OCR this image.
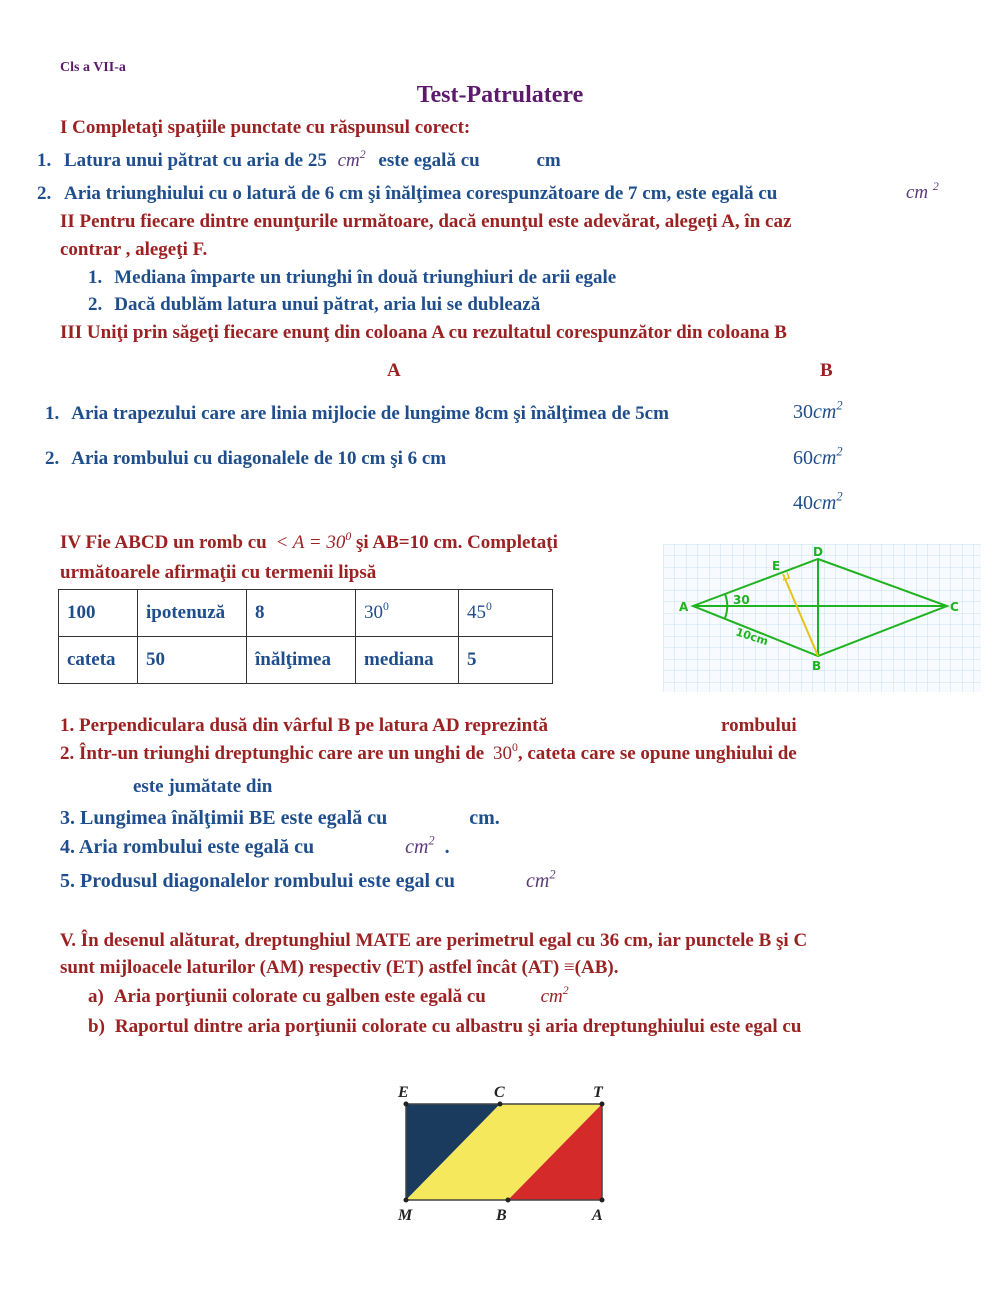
Cls a VII-a
Test-Patrulatere
I Completaţi spaţiile punctate cu răspunsul corect:
1. Latura unui pătrat cu aria de 25 $cm^2$ este egală cu	cm
2. Aria triunghiului cu o latură de 6 cm şi înălţimea corespunzătoare de 7 cm, este egală cu	cm $^2$
II Pentru fiecare dintre enunţurile următoare, dacă enunţul este adevărat, alegeţi A, în caz
contrar , alegeţi F.
1. Mediana împarte un triunghi în două triunghiuri de arii egale
2. Dacă dublăm latura unui pătrat, aria lui se dublează
III Uniţi prin săgeţi fiecare enunţ din coloana A cu rezultatul corespunzător din coloana B
A	B
1. Aria trapezului care are linia mijlocie de lungime 8cm şi înălţimea de 5cm
2. Aria rombului cu diagonalele de 10 cm şi 6 cm
$30cm^2$
$60cm^2$
$40cm^2$
IV Fie ABCD un romb cu < $A = 30^0$ şi AB=10 cm. Completaţi
următoarele afirmaţii cu termenii lipsă
100	ipotenuză	8	$30^0$	$45^0$
cateta	50	înălţimea	mediana	5
A
D
C
B
E
30
10cm
1. Perpendiculara dusă din vârful B pe latura AD reprezintă	rombului
2. Într-un triunghi dreptunghic care are un unghi de $30^0$, cateta care se opune unghiului de
este jumătate din
3. Lungimea înălţimii BE este egală cu	cm.
4. Aria rombului este egală cu	$cm^2$ .
5. Produsul diagonalelor rombului este egal cu	$cm^2$
V. În desenul alăturat, dreptunghiul MATE are perimetrul egal cu 36 cm, iar punctele B şi C
sunt mijloacele laturilor (AM) respectiv (ET) astfel încât (AT) ≡(AB).
a) Aria porţiunii colorate cu galben este egală cu	$cm^2$
b) Raportul dintre aria porţiunii colorate cu albastru şi aria dreptunghiului este egal cu
E	C	T
M	B	A
